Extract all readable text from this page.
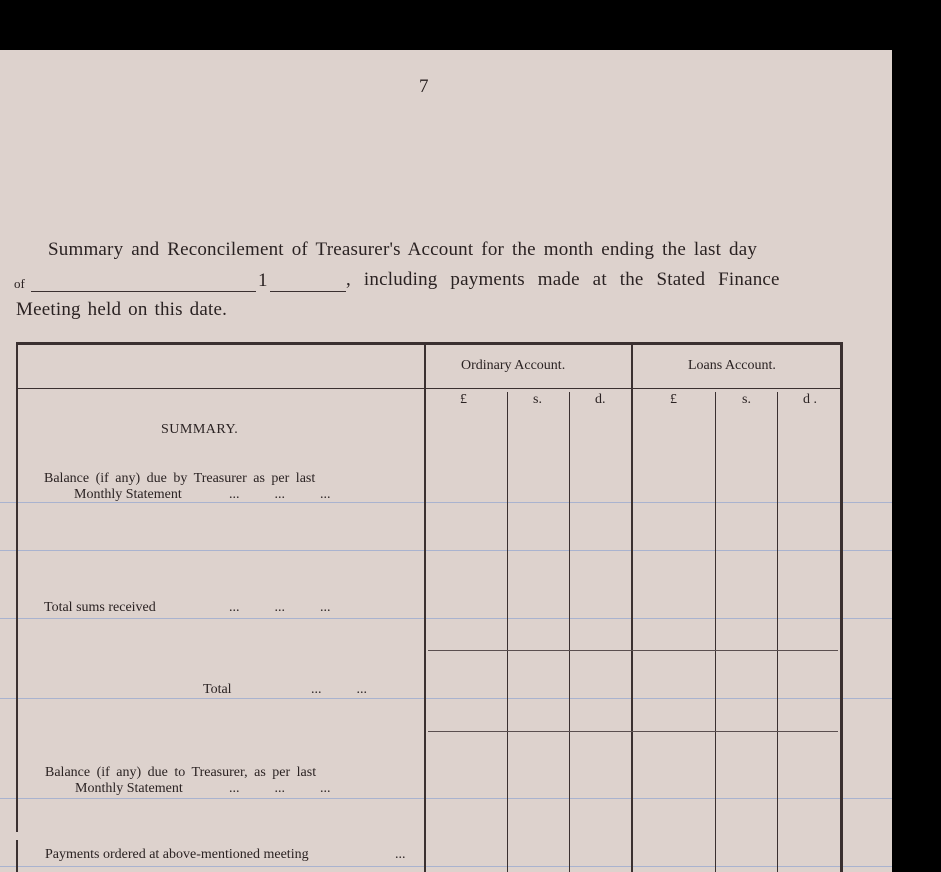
7
Summary and Reconcilement of Treasurer's Account for the month ending the last day
of	1	, including payments made at the Stated Finance
Meeting held on this date.
Ordinary Account.	Loans Account.
£	s.	d.	£	s.	d .
SUMMARY.
Balance (if any) due by Treasurer as per last
Monthly Statement	...          ...          ...
Total sums received	...          ...          ...
Total	...          ...
Balance (if any) due to Treasurer, as per last
Monthly Statement	...          ...          ...
Payments ordered at above-mentioned meeting	...
